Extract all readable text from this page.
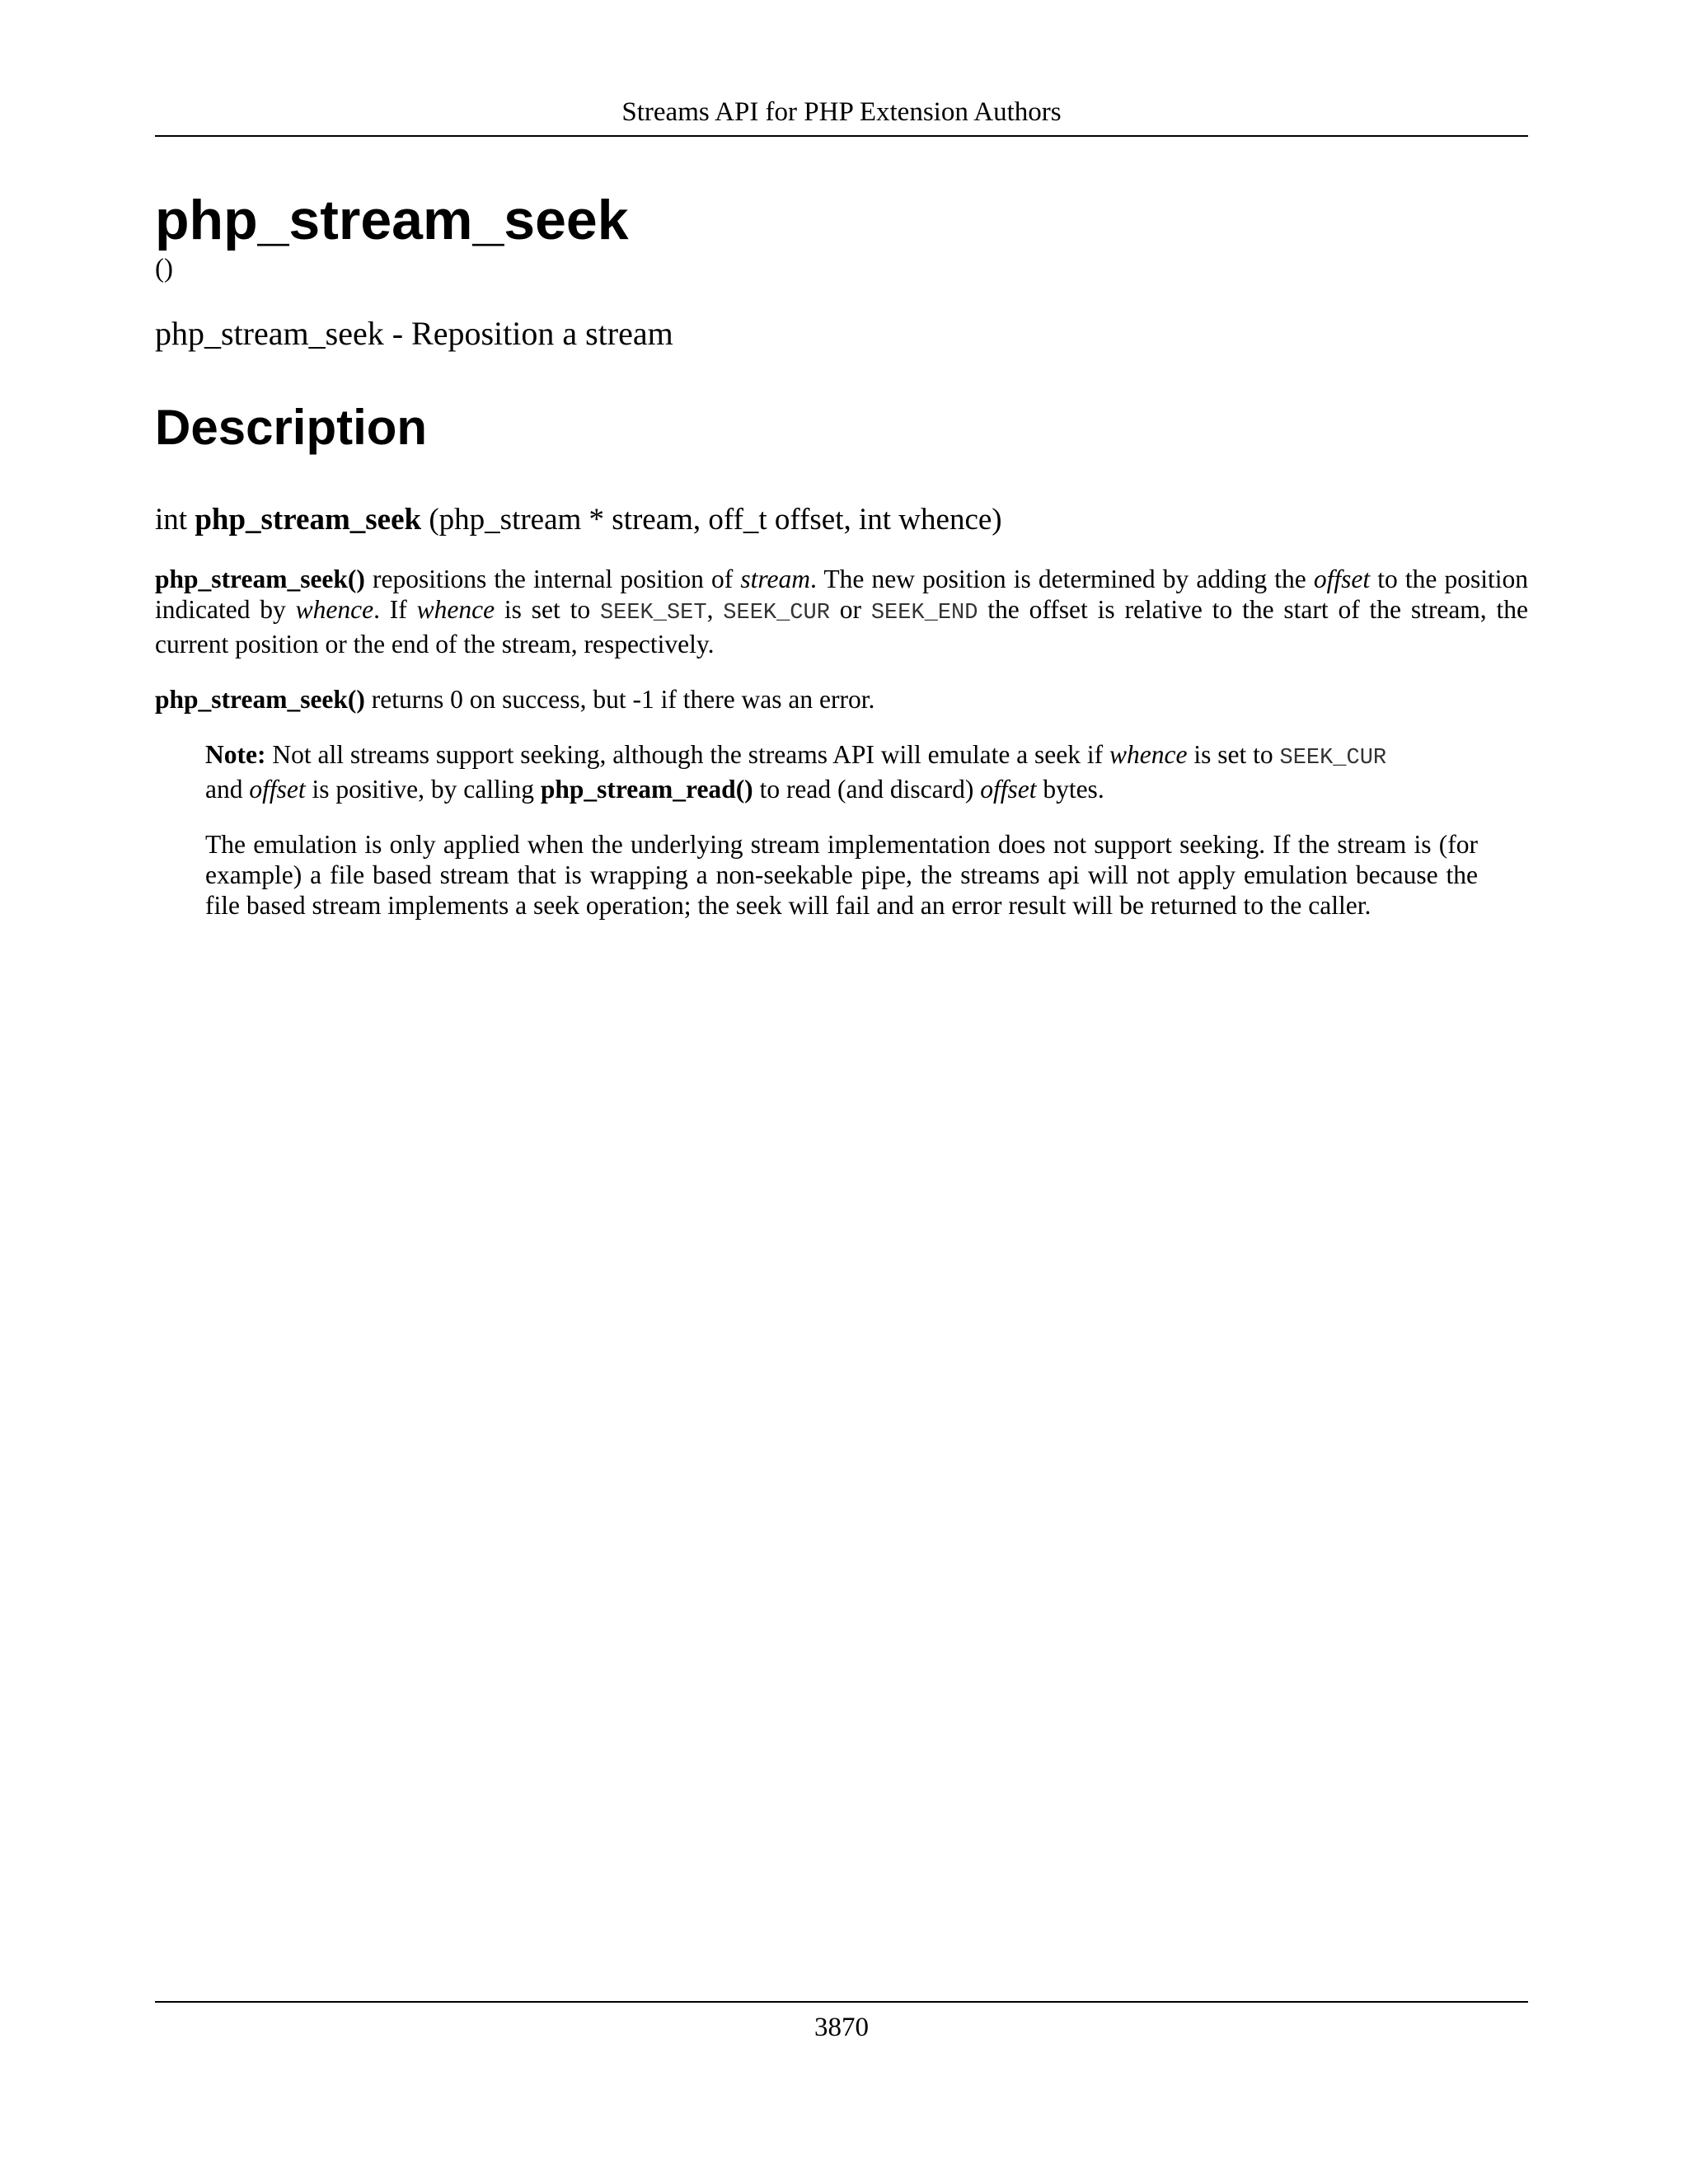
Streams API for PHP Extension Authors
php_stream_seek
()
php_stream_seek - Reposition a stream
Description
int php_stream_seek (php_stream * stream, off_t offset, int whence)

php_stream_seek() repositions the internal position of stream. The new position is determined by adding the offset to the position indicated by whence. If whence is set to SEEK_SET, SEEK_CUR or SEEK_END the offset is relative to the start of the stream, the current position or the end of the stream, respectively.

php_stream_seek() returns 0 on success, but -1 if there was an error.

Note: Not all streams support seeking, although the streams API will emulate a seek if whence is set to SEEK_CUR
and offset is positive, by calling php_stream_read() to read (and discard) offset bytes.

The emulation is only applied when the underlying stream implementation does not support seeking. If the stream is (for example) a file based stream that is wrapping a non-seekable pipe, the streams api will not apply emulation because the file based stream implements a seek operation; the seek will fail and an error result will be returned to the caller.

3870
